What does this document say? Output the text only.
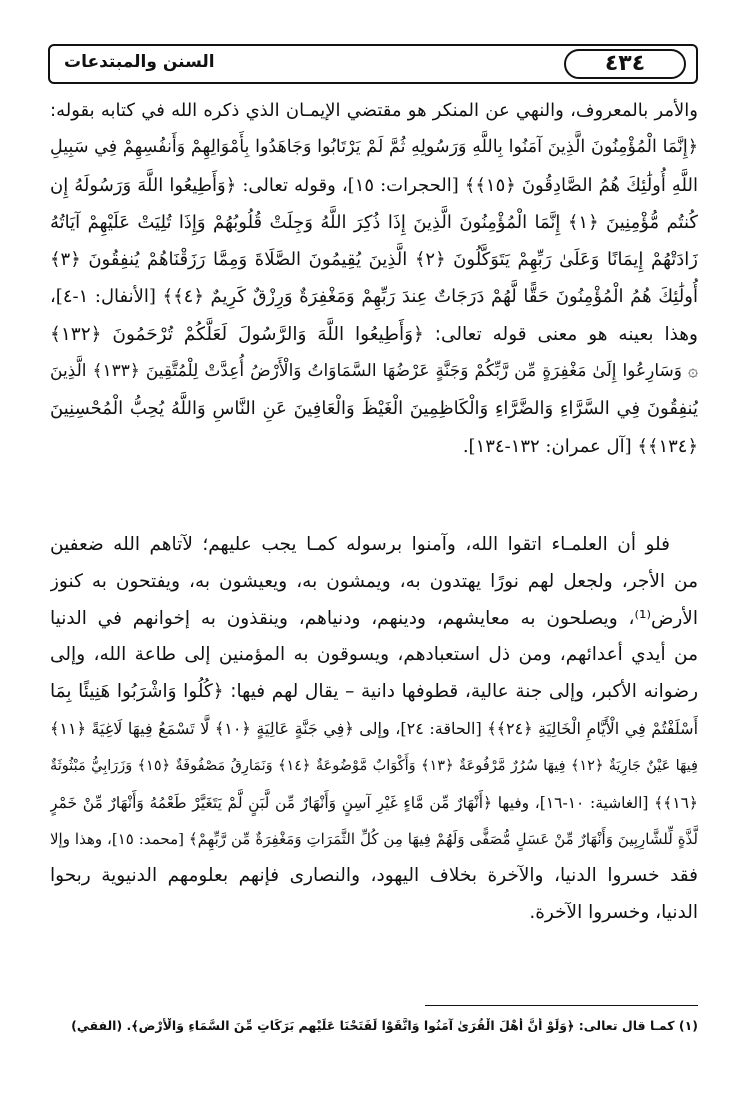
٤٣٤
السنن والمبتدعات
والأمر بالمعروف، والنهي عن المنكر هو مقتضي الإيمـان الذي ذكره الله في كتابه بقوله:
﴿إِنَّمَا الْمُؤْمِنُونَ الَّذِينَ آمَنُوا بِاللَّهِ وَرَسُولِهِ ثُمَّ لَمْ يَرْتَابُوا وَجَاهَدُوا بِأَمْوَالِهِمْ وَأَنفُسِهِمْ فِي سَبِيلِ
اللَّهِ أُولَٰئِكَ هُمُ الصَّادِقُونَ ﴿١٥﴾﴾ [الحجرات: ١٥]، وقوله تعالى: ﴿وَأَطِيعُوا اللَّهَ وَرَسُولَهُ إِن
كُنتُم مُّؤْمِنِينَ ﴿١﴾ إِنَّمَا الْمُؤْمِنُونَ الَّذِينَ إِذَا ذُكِرَ اللَّهُ وَجِلَتْ قُلُوبُهُمْ وَإِذَا تُلِيَتْ عَلَيْهِمْ آيَاتُهُ
زَادَتْهُمْ إِيمَانًا وَعَلَىٰ رَبِّهِمْ يَتَوَكَّلُونَ ﴿٢﴾ الَّذِينَ يُقِيمُونَ الصَّلَاةَ وَمِمَّا رَزَقْنَاهُمْ يُنفِقُونَ ﴿٣﴾
أُولَٰئِكَ هُمُ الْمُؤْمِنُونَ حَقًّا لَّهُمْ دَرَجَاتٌ عِندَ رَبِّهِمْ وَمَغْفِرَةٌ وَرِزْقٌ كَرِيمٌ ﴿٤﴾﴾ [الأنفال: ١-٤]،
وهذا بعينه هو معنى قوله تعالى: ﴿وَأَطِيعُوا اللَّهَ وَالرَّسُولَ لَعَلَّكُمْ تُرْحَمُونَ ﴿١٣٢﴾
۞ وَسَارِعُوا إِلَىٰ مَغْفِرَةٍ مِّن رَّبِّكُمْ وَجَنَّةٍ عَرْضُهَا السَّمَاوَاتُ وَالْأَرْضُ أُعِدَّتْ لِلْمُتَّقِينَ ﴿١٣٣﴾ الَّذِينَ
يُنفِقُونَ فِي السَّرَّاءِ وَالضَّرَّاءِ وَالْكَاظِمِينَ الْغَيْظَ وَالْعَافِينَ عَنِ النَّاسِ وَاللَّهُ يُحِبُّ الْمُحْسِنِينَ
﴿١٣٤﴾﴾ [آل عمران: ١٣٢-١٣٤].
فلو أن العلمـاء اتقوا الله، وآمنوا برسوله كمـا يجب عليهم؛ لآتاهم الله ضعفين
من الأجر، ولجعل لهم نورًا يهتدون به، ويمشون به، ويعيشون به، ويفتحون به كنوز
الأرض⁽¹⁾، ويصلحون به معايشهم، ودينهم، ودنياهم، وينقذون به إخوانهم في الدنيا
من أيدي أعدائهم، ومن ذل استعبادهم، ويسوقون به المؤمنين إلى طاعة الله، وإلى
رضوانه الأكبر، وإلى جنة عالية، قطوفها دانية – يقال لهم فيها: ﴿كُلُوا وَاشْرَبُوا هَنِيئًا بِمَا
أَسْلَفْتُمْ فِي الْأَيَّامِ الْخَالِيَةِ ﴿٢٤﴾﴾ [الحاقة: ٢٤]، وإلى ﴿فِي جَنَّةٍ عَالِيَةٍ ﴿١٠﴾ لَّا تَسْمَعُ فِيهَا لَاغِيَةً ﴿١١﴾
فِيهَا عَيْنٌ جَارِيَةٌ ﴿١٢﴾ فِيهَا سُرُرٌ مَّرْفُوعَةٌ ﴿١٣﴾ وَأَكْوَابٌ مَّوْضُوعَةٌ ﴿١٤﴾ وَنَمَارِقُ مَصْفُوفَةٌ ﴿١٥﴾ وَزَرَابِيُّ مَبْثُوثَةٌ
﴿١٦﴾﴾ [الغاشية: ١٠-١٦]، وفيها ﴿أَنْهَارٌ مِّن مَّاءٍ غَيْرِ آسِنٍ وَأَنْهَارٌ مِّن لَّبَنٍ لَّمْ يَتَغَيَّرْ طَعْمُهُ وَأَنْهَارٌ مِّنْ خَمْرٍ
لَّذَّةٍ لِّلشَّارِبِينَ وَأَنْهَارٌ مِّنْ عَسَلٍ مُّصَفًّى وَلَهُمْ فِيهَا مِن كُلِّ الثَّمَرَاتِ وَمَغْفِرَةٌ مِّن رَّبِّهِمْ﴾ [محمد: ١٥]، وهذا وإلا
فقد خسروا الدنيا، والآخرة بخلاف اليهود، والنصارى فإنهم بعلومهم الدنيوية ربحوا
الدنيا، وخسروا الآخرة.
(١) كمـا قال تعالى: ﴿وَلَوْ أَنَّ أَهْلَ الْقُرَىٰ آمَنُوا وَاتَّقَوْا لَفَتَحْنَا عَلَيْهِم بَرَكَاتٍ مِّنَ السَّمَاءِ وَالْأَرْضِ﴾. (الفقي)
